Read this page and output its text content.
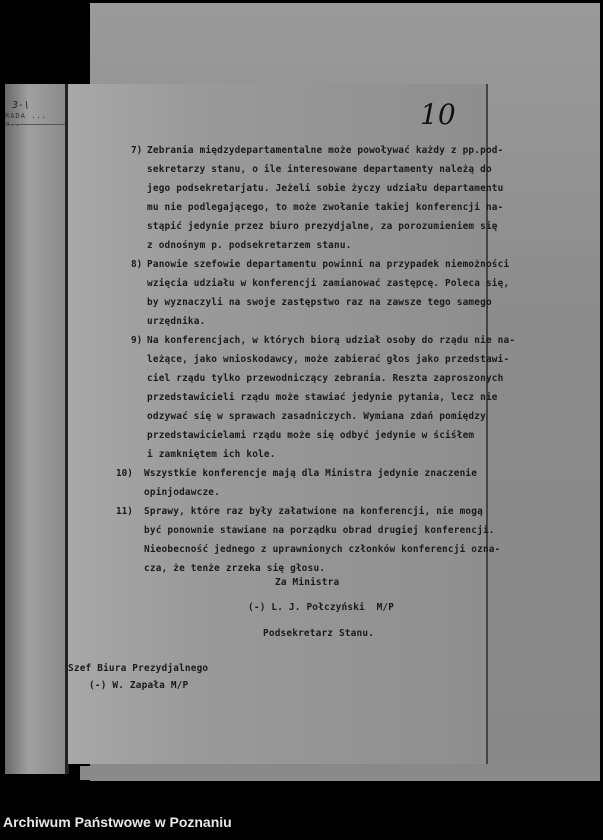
3-\
RADA ... n..	10
7) Zebrania międzydepartamentalne może powoływać każdy z pp.pod-
sekretarzy stanu, o ile interesowane departamenty należą do
jego podsekretarjatu. Jeżeli sobie życzy udziału departamentu
mu nie podlegającego, to może zwołanie takiej konferencji na-
stąpić jedynie przez biuro prezydjalne, za porozumieniem się
z odnośnym p. podsekretarzem stanu.
8) Panowie szefowie departamentu powinni na przypadek niemożności
wzięcia udziału w konferencji zamianować zastępcę. Poleca się,
by wyznaczyli na swoje zastępstwo raz na zawsze tego samego
urzędnika.
9) Na konferencjach, w których biorą udział osoby do rządu nie na-
leżące, jako wnioskodawcy, może zabierać głos jako przedstawi-
ciel rządu tylko przewodniczący zebrania. Reszta zaproszonych
przedstawicieli rządu może stawiać jedynie pytania, lecz nie
odzywać się w sprawach zasadniczych. Wymiana zdań pomiędzy
przedstawicielami rządu może się odbyć jedynie w ściśłem
i zamkniętem ich kole.
10) Wszystkie konferencje mają dla Ministra jedynie znaczenie
opinjodawcze.
11) Sprawy, które raz były załatwione na konferencji, nie mogą
być ponownie stawiane na porządku obrad drugiej konferencji.
Nieobecność jednego z uprawnionych członków konferencji ozna-
cza, że tenże zrzeka się głosu.
Za Ministra
(-) L. J. Połczyński  M/P
Podsekretarz Stanu.
Szef Biura Prezydjalnego
(-) W. Zapała M/P
Archiwum Państwowe w Poznaniu
